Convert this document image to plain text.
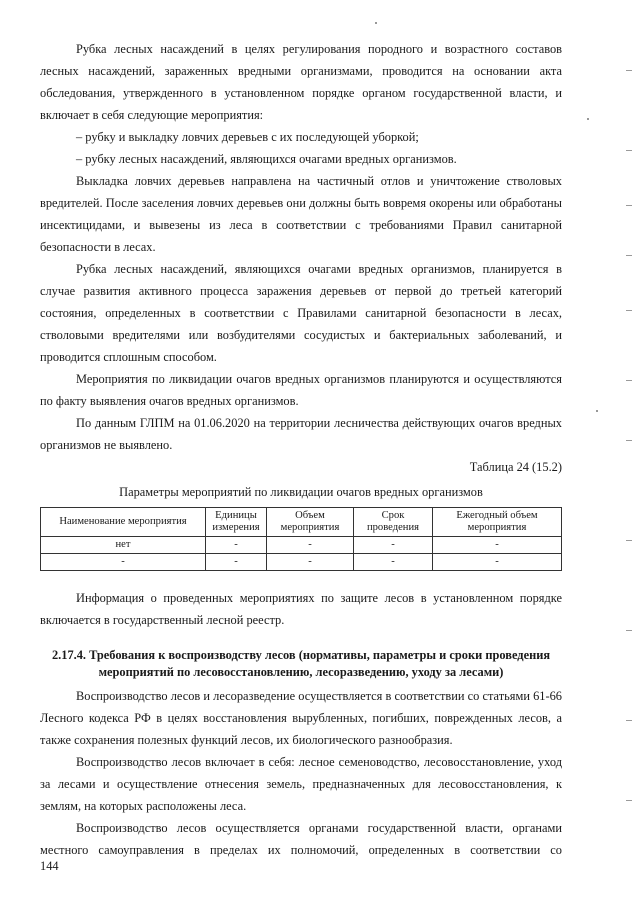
Рубка лесных насаждений в целях регулирования породного и возрастного составов лесных насаждений, зараженных вредными организмами, проводится на основании акта обследования, утвержденного в установленном порядке органом государственной власти, и включает в себя следующие мероприятия:

– рубку и выкладку ловчих деревьев с их последующей уборкой;

– рубку лесных насаждений, являющихся очагами вредных организмов.

Выкладка ловчих деревьев направлена на частичный отлов и уничтожение стволовых вредителей. После заселения ловчих деревьев они должны быть вовремя окорены или обработаны инсектицидами, и вывезены из леса в соответствии с требованиями Правил санитарной безопасности в лесах.

Рубка лесных насаждений, являющихся очагами вредных организмов, планируется в случае развития активного процесса заражения деревьев от первой до третьей категорий состояния, определенных в соответствии с Правилами санитарной безопасности в лесах, стволовыми вредителями или возбудителями сосудистых и бактериальных заболеваний, и проводится сплошным способом.

Мероприятия по ликвидации очагов вредных организмов планируются и осуществляются по факту выявления очагов вредных организмов.

По данным ГЛПМ на 01.06.2020 на территории лесничества действующих очагов вредных организмов не выявлено.

Таблица 24 (15.2)

Параметры мероприятий по ликвидации очагов вредных организмов

Наименование мероприятия	Единицы измерения	Объем мероприятия	Срок проведения	Ежегодный объем мероприятия
нет	-	-	-	-
-	-	-	-	-

Информация о проведенных мероприятиях по защите лесов в установленном порядке включается в государственный лесной реестр.

2.17.4. Требования к воспроизводству лесов (нормативы, параметры и сроки проведения мероприятий по лесовосстановлению, лесоразведению, уходу за лесами)

Воспроизводство лесов и лесоразведение осуществляется в соответствии со статьями 61-66 Лесного кодекса РФ в целях восстановления вырубленных, погибших, поврежденных лесов, а также сохранения полезных функций лесов, их биологического разнообразия.

Воспроизводство лесов включает в себя: лесное семеноводство, лесовосстановление, уход за лесами и осуществление отнесения земель, предназначенных для лесовосстановления, к землям, на которых расположены леса.

Воспроизводство лесов осуществляется органами государственной власти, органами местного самоуправления в пределах их полномочий, определенных в соответствии со

144
